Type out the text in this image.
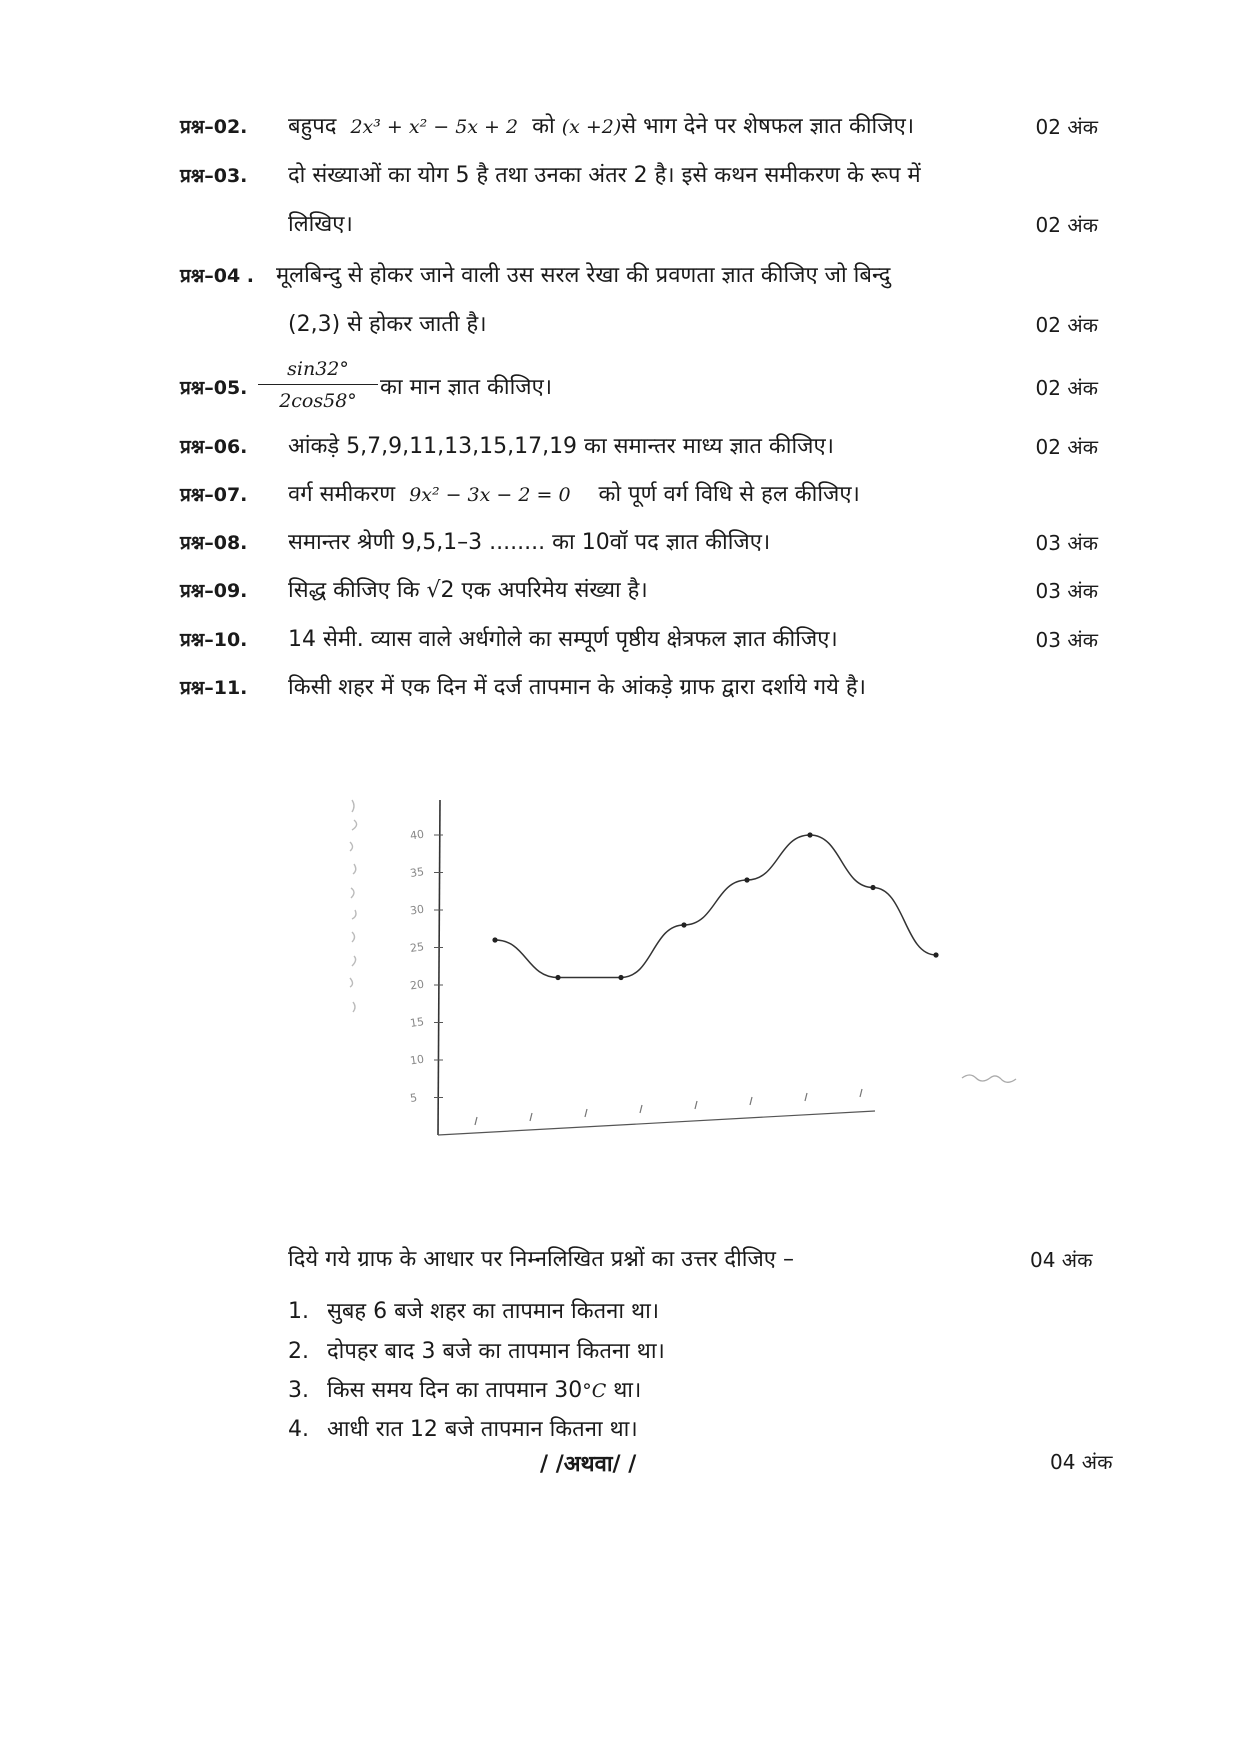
प्रश्न–02. बहुपद 2x³ + x² − 5x + 2 को (x +2)से भाग देने पर शेषफल ज्ञात कीजिए।	02 अंक
प्रश्न–03. दो संख्याओं का योग 5 है तथा उनका अंतर 2 है। इसे कथन समीकरण के रूप में
लिखिए।	02 अंक
प्रश्न–04 . मूलबिन्दु से होकर जाने वाली उस सरल रेखा की प्रवणता ज्ञात कीजिए जो बिन्दु
(2,3) से होकर जाती है।	02 अंक
प्रश्न–05.	का मान ज्ञात कीजिए।	02 अंक
$\frac{\sin 32^\circ}{2\cos 58^\circ}$
प्रश्न–06. आंकड़े 5,7,9,11,13,15,17,19 का समान्तर माध्य ज्ञात कीजिए।	02 अंक
प्रश्न–07. वर्ग समीकरण 9x² − 3x − 2 = 0 को पूर्ण वर्ग विधि से हल कीजिए।
प्रश्न–08. समान्तर श्रेणी 9,5,1–3 ........ का 10वॉ पद ज्ञात कीजिए।	03 अंक
प्रश्न–09. सिद्ध कीजिए कि √2 एक अपरिमेय संख्या है।	03 अंक
प्रश्न–10. 14 सेमी. व्यास वाले अर्धगोले का सम्पूर्ण पृष्ठीय क्षेत्रफल ज्ञात कीजिए।	03 अंक
प्रश्न–11. किसी शहर में एक दिन में दर्ज तापमान के आंकड़े ग्राफ द्वारा दर्शाये गये है।
5
10
15
20
25
30
35
40
दिये गये ग्राफ के आधार पर निम्नलिखित प्रश्नों का उत्तर दीजिए –	04 अंक
1. सुबह 6 बजे शहर का तापमान कितना था।
2. दोपहर बाद 3 बजे का तापमान कितना था।
3. किस समय दिन का तापमान 30°C था।
4. आधी रात 12 बजे तापमान कितना था।
/ /अथवा/ /	04 अंक
